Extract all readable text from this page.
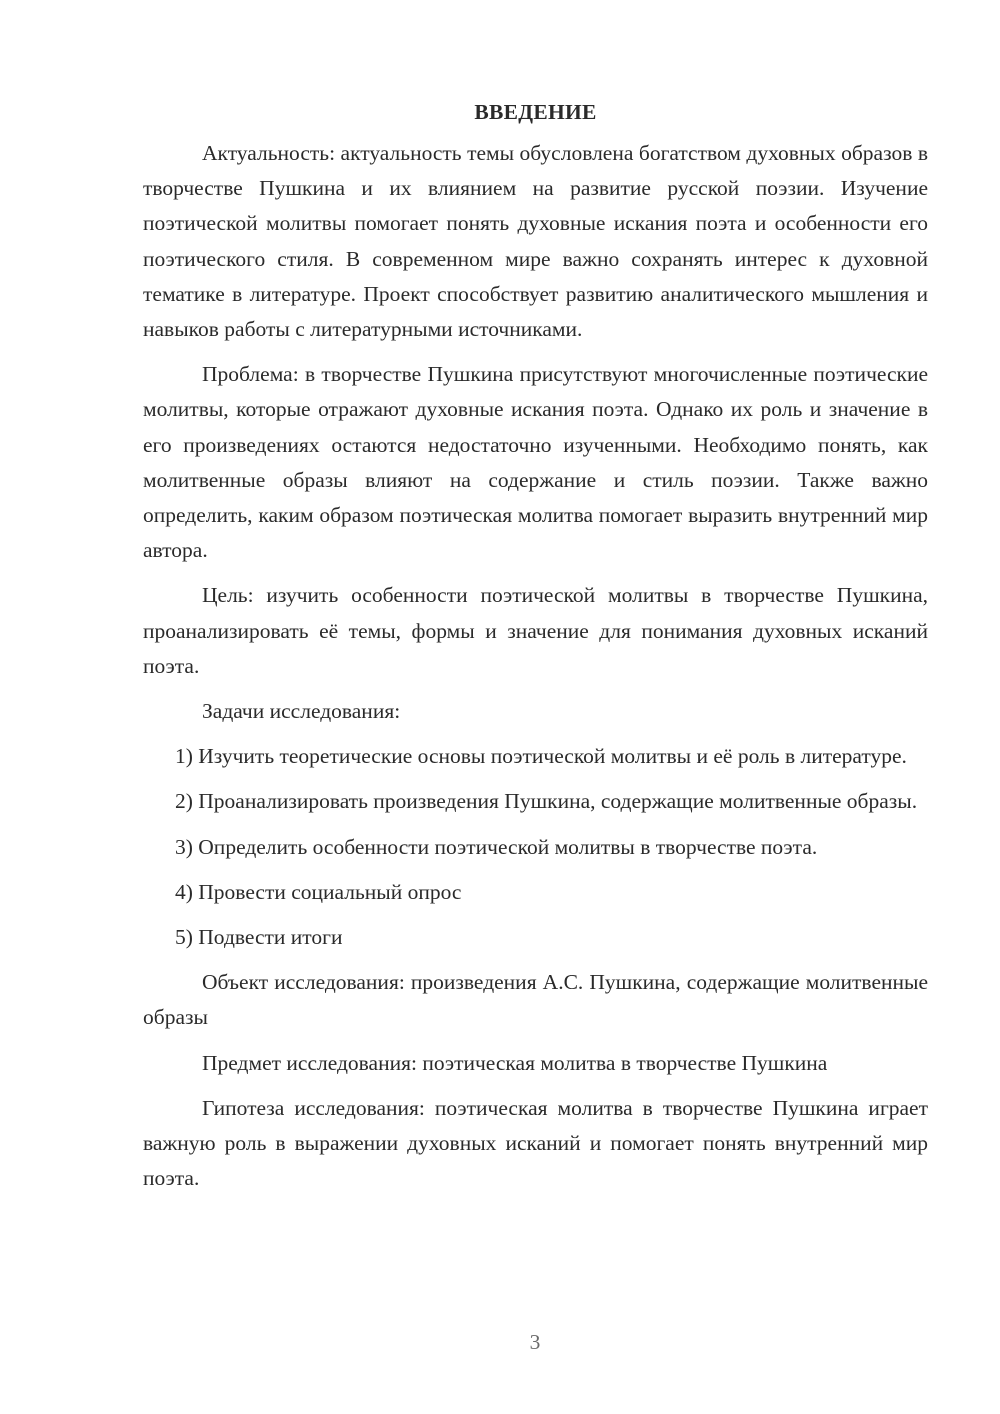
ВВЕДЕНИЕ

Актуальность: актуальность темы обусловлена богатством духовных образов в творчестве Пушкина и их влиянием на развитие русской поэзии. Изучение поэтической молитвы помогает понять духовные искания поэта и особенности его поэтического стиля. В современном мире важно сохранять интерес к духовной тематике в литературе. Проект способствует развитию аналитического мышления и навыков работы с литературными источниками.

Проблема: в творчестве Пушкина присутствуют многочисленные поэтические молитвы, которые отражают духовные искания поэта. Однако их роль и значение в его произведениях остаются недостаточно изученными. Необходимо понять, как молитвенные образы влияют на содержание и стиль поэзии. Также важно определить, каким образом поэтическая молитва помогает выразить внутренний мир автора.

Цель: изучить особенности поэтической молитвы в творчестве Пушкина, проанализировать её темы, формы и значение для понимания духовных исканий поэта.

Задачи исследования:

1) Изучить теоретические основы поэтической молитвы и её роль в литературе.

2) Проанализировать произведения Пушкина, содержащие молитвенные образы.

3) Определить особенности поэтической молитвы в творчестве поэта.

4) Провести социальный опрос

5) Подвести итоги

Объект исследования: произведения А.С. Пушкина, содержащие молитвенные образы

Предмет исследования: поэтическая молитва в творчестве Пушкина

Гипотеза исследования: поэтическая молитва в творчестве Пушкина играет важную роль в выражении духовных исканий и помогает понять внутренний мир поэта.

3
